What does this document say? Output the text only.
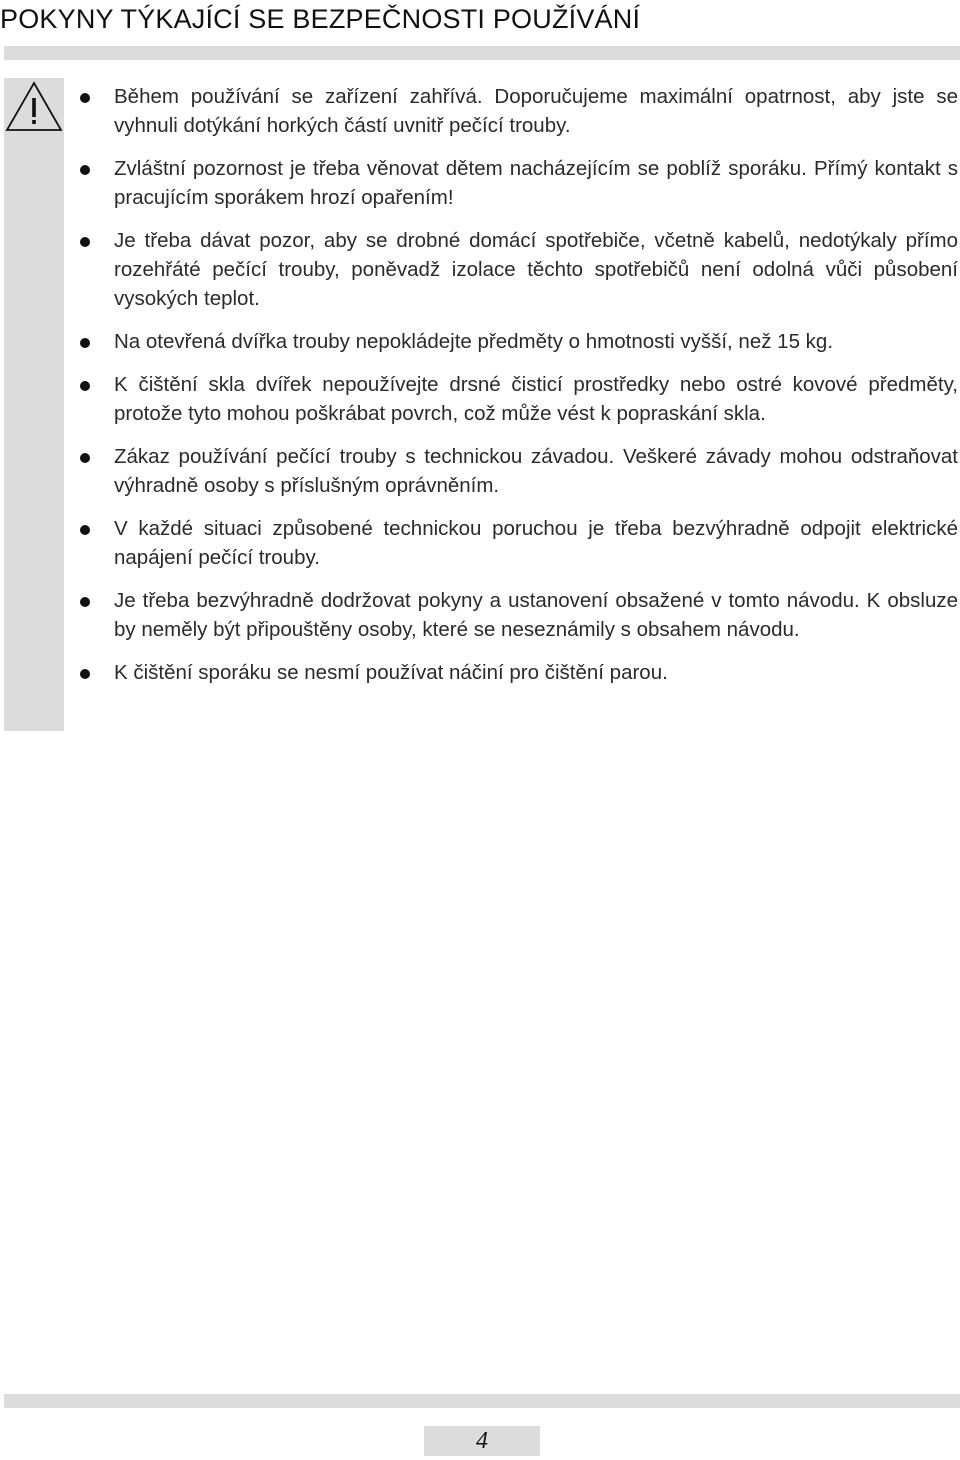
POKYNY TÝKAJÍCÍ SE BEZPEČNOSTI POUŽÍVÁNÍ
Během používání se zařízení zahřívá. Doporučujeme maximální opatrnost, aby jste se vyhnuli dotýkání horkých částí uvnitř pečící trouby.
Zvláštní pozornost je třeba věnovat dětem nacházejícím se poblíž sporáku. Přímý kontakt s pracujícím sporákem hrozí opařením!
Je třeba dávat pozor, aby se drobné domácí spotřebiče, včetně kabelů, nedotýkaly přímo rozehřáté pečící trouby, poněvadž izolace těchto spotřebičů není odolná vůči působení vysokých teplot.
Na otevřená dvířka trouby nepokládejte předměty o hmotnosti vyšší, než 15 kg.
K čištění skla dvířek nepoužívejte drsné čisticí prostředky nebo ostré kovové předměty, protože tyto mohou poškrábat povrch, což může vést k popraskání skla.
Zákaz používání pečící trouby s technickou závadou. Veškeré závady mohou odstraňovat výhradně osoby s příslušným oprávněním.
V každé situaci způsobené technickou poruchou je třeba bezvýhradně odpojit elektrické napájení pečící trouby.
Je třeba bezvýhradně dodržovat pokyny a ustanovení obsažené v tomto návodu. K obsluze by neměly být připouštěny osoby, které se neseznámily s obsahem návodu.
K čištění sporáku se nesmí používat náčiní pro čištění parou.
4
